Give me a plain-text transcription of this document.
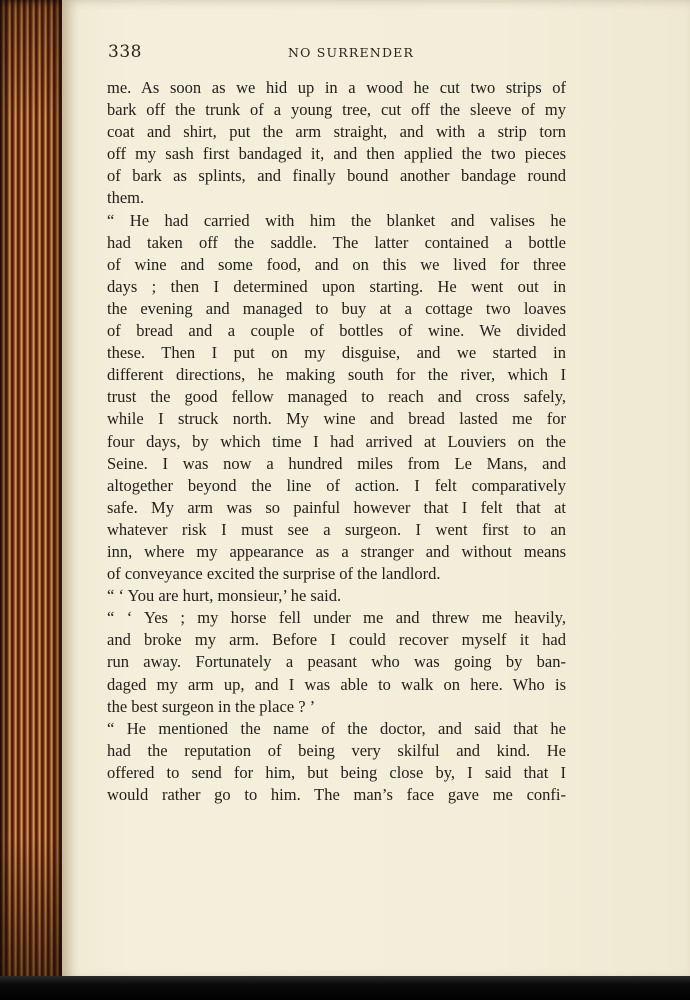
338	NO SURRENDER
me. As soon as we hid up in a wood he cut two strips of
bark off the trunk of a young tree, cut off the sleeve of my
coat and shirt, put the arm straight, and with a strip torn
off my sash first bandaged it, and then applied the two pieces
of bark as splints, and finally bound another bandage round
them.
“ He had carried with him the blanket and valises he
had taken off the saddle. The latter contained a bottle
of wine and some food, and on this we lived for three
days ; then I determined upon starting. He went out in
the evening and managed to buy at a cottage two loaves
of bread and a couple of bottles of wine. We divided
these. Then I put on my disguise, and we started in
different directions, he making south for the river, which I
trust the good fellow managed to reach and cross safely,
while I struck north. My wine and bread lasted me for
four days, by which time I had arrived at Louviers on the
Seine. I was now a hundred miles from Le Mans, and
altogether beyond the line of action. I felt comparatively
safe. My arm was so painful however that I felt that at
whatever risk I must see a surgeon. I went first to an
inn, where my appearance as a stranger and without means
of conveyance excited the surprise of the landlord.
“ ‘ You are hurt, monsieur,’ he said.
“ ‘ Yes ; my horse fell under me and threw me heavily,
and broke my arm. Before I could recover myself it had
run away. Fortunately a peasant who was going by ban-
daged my arm up, and I was able to walk on here. Who is
the best surgeon in the place ? ’
“ He mentioned the name of the doctor, and said that he
had the reputation of being very skilful and kind. He
offered to send for him, but being close by, I said that I
would rather go to him. The man’s face gave me confi-
